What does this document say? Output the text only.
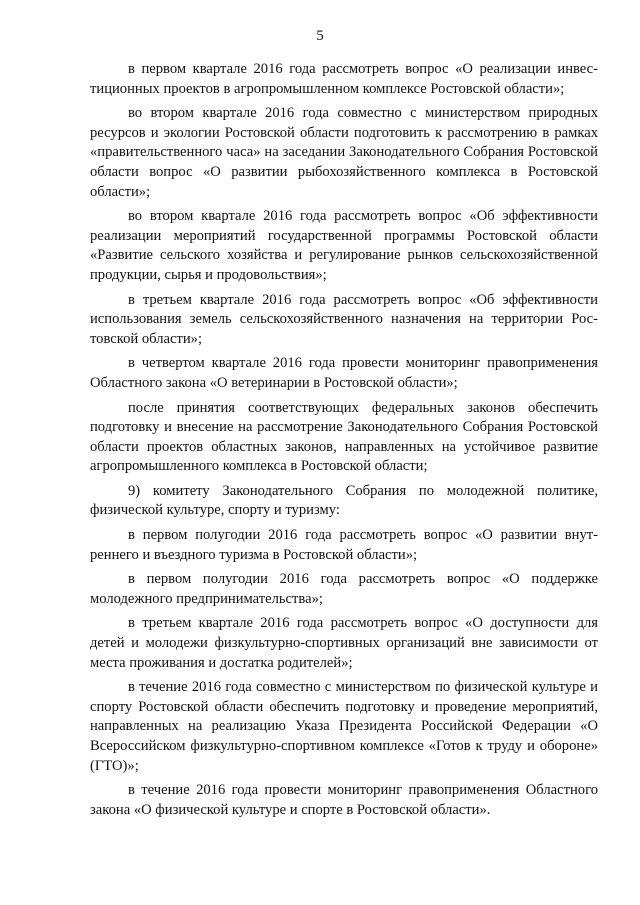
5

в первом квартале 2016 года рассмотреть вопрос «О реализации инвестиционных проектов в агропромышленном комплексе Ростовской области»;

во втором квартале 2016 года совместно с министерством природных ресурсов и экологии Ростовской области подготовить к рассмотрению в рамках «правительственного часа» на заседании Законодательного Собрания Ростовской области вопрос «О развитии рыбохозяйственного комплекса в Ростовской области»;

во втором квартале 2016 года рассмотреть вопрос «Об эффективности реализации мероприятий государственной программы Ростовской области «Развитие сельского хозяйства и регулирование рынков сельскохозяйственной продукции, сырья и продовольствия»;

в третьем квартале 2016 года рассмотреть вопрос «Об эффективности использования земель сельскохозяйственного назначения на территории Ростовской области»;

в четвертом квартале 2016 года провести мониторинг правоприменения Областного закона «О ветеринарии в Ростовской области»;

после принятия соответствующих федеральных законов обеспечить подготовку и внесение на рассмотрение Законодательного Собрания Ростовской области проектов областных законов, направленных на устойчивое развитие агропромышленного комплекса в Ростовской области;

9) комитету Законодательного Собрания по молодежной политике, физической культуре, спорту и туризму:

в первом полугодии 2016 года рассмотреть вопрос «О развитии внутреннего и въездного туризма в Ростовской области»;

в первом полугодии 2016 года рассмотреть вопрос «О поддержке молодежного предпринимательства»;

в третьем квартале 2016 года рассмотреть вопрос «О доступности для детей и молодежи физкультурно-спортивных организаций вне зависимости от места проживания и достатка родителей»;

в течение 2016 года совместно с министерством по физической культуре и спорту Ростовской области обеспечить подготовку и проведение мероприятий, направленных на реализацию Указа Президента Российской Федерации «О Всероссийском физкультурно-спортивном комплексе «Готов к труду и обороне» (ГТО)»;

в течение 2016 года провести мониторинг правоприменения Областного закона «О физической культуре и спорте в Ростовской области».
